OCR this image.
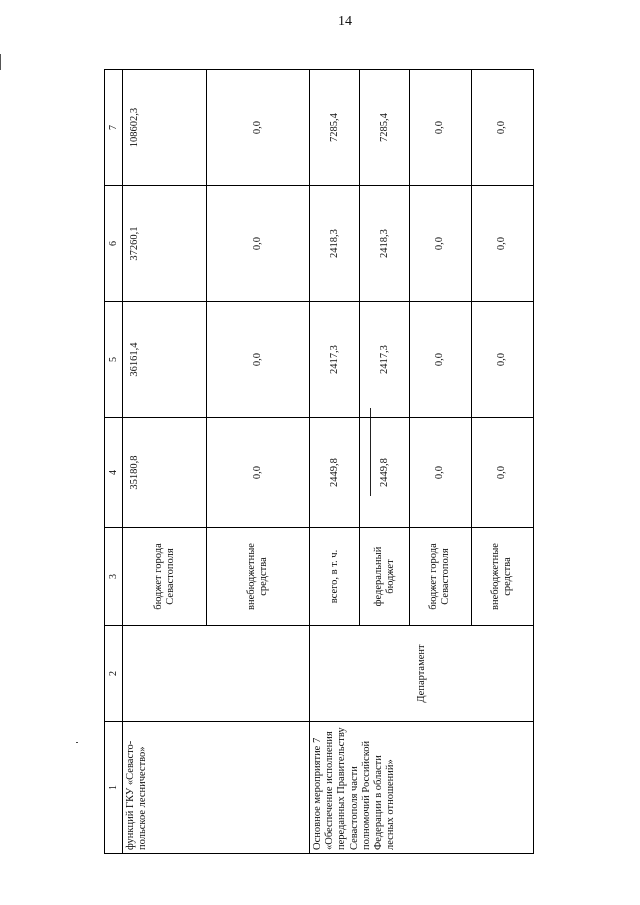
14
1	2	3	4	5	6	7
функций ГКУ «Севасто-польское лесничество»		бюджет города Севастополя	35180,8	36161,4	37260,1	108602,3
		внебюджетные средства	0,0	0,0	0,0	0,0
Основное мероприятие 7 «Обеспечение исполнения переданных Правительству Севастополя части полномочий Российской Федерации в области лесных отношений»	Департамент	всего, в т. ч.	2449,8	2417,3	2418,3	7285,4
		федеральный бюджет	2449,8	2417,3	2418,3	7285,4
		бюджет города Севастополя	0,0	0,0	0,0	0,0
		внебюджетные средства	0,0	0,0	0,0	0,0
